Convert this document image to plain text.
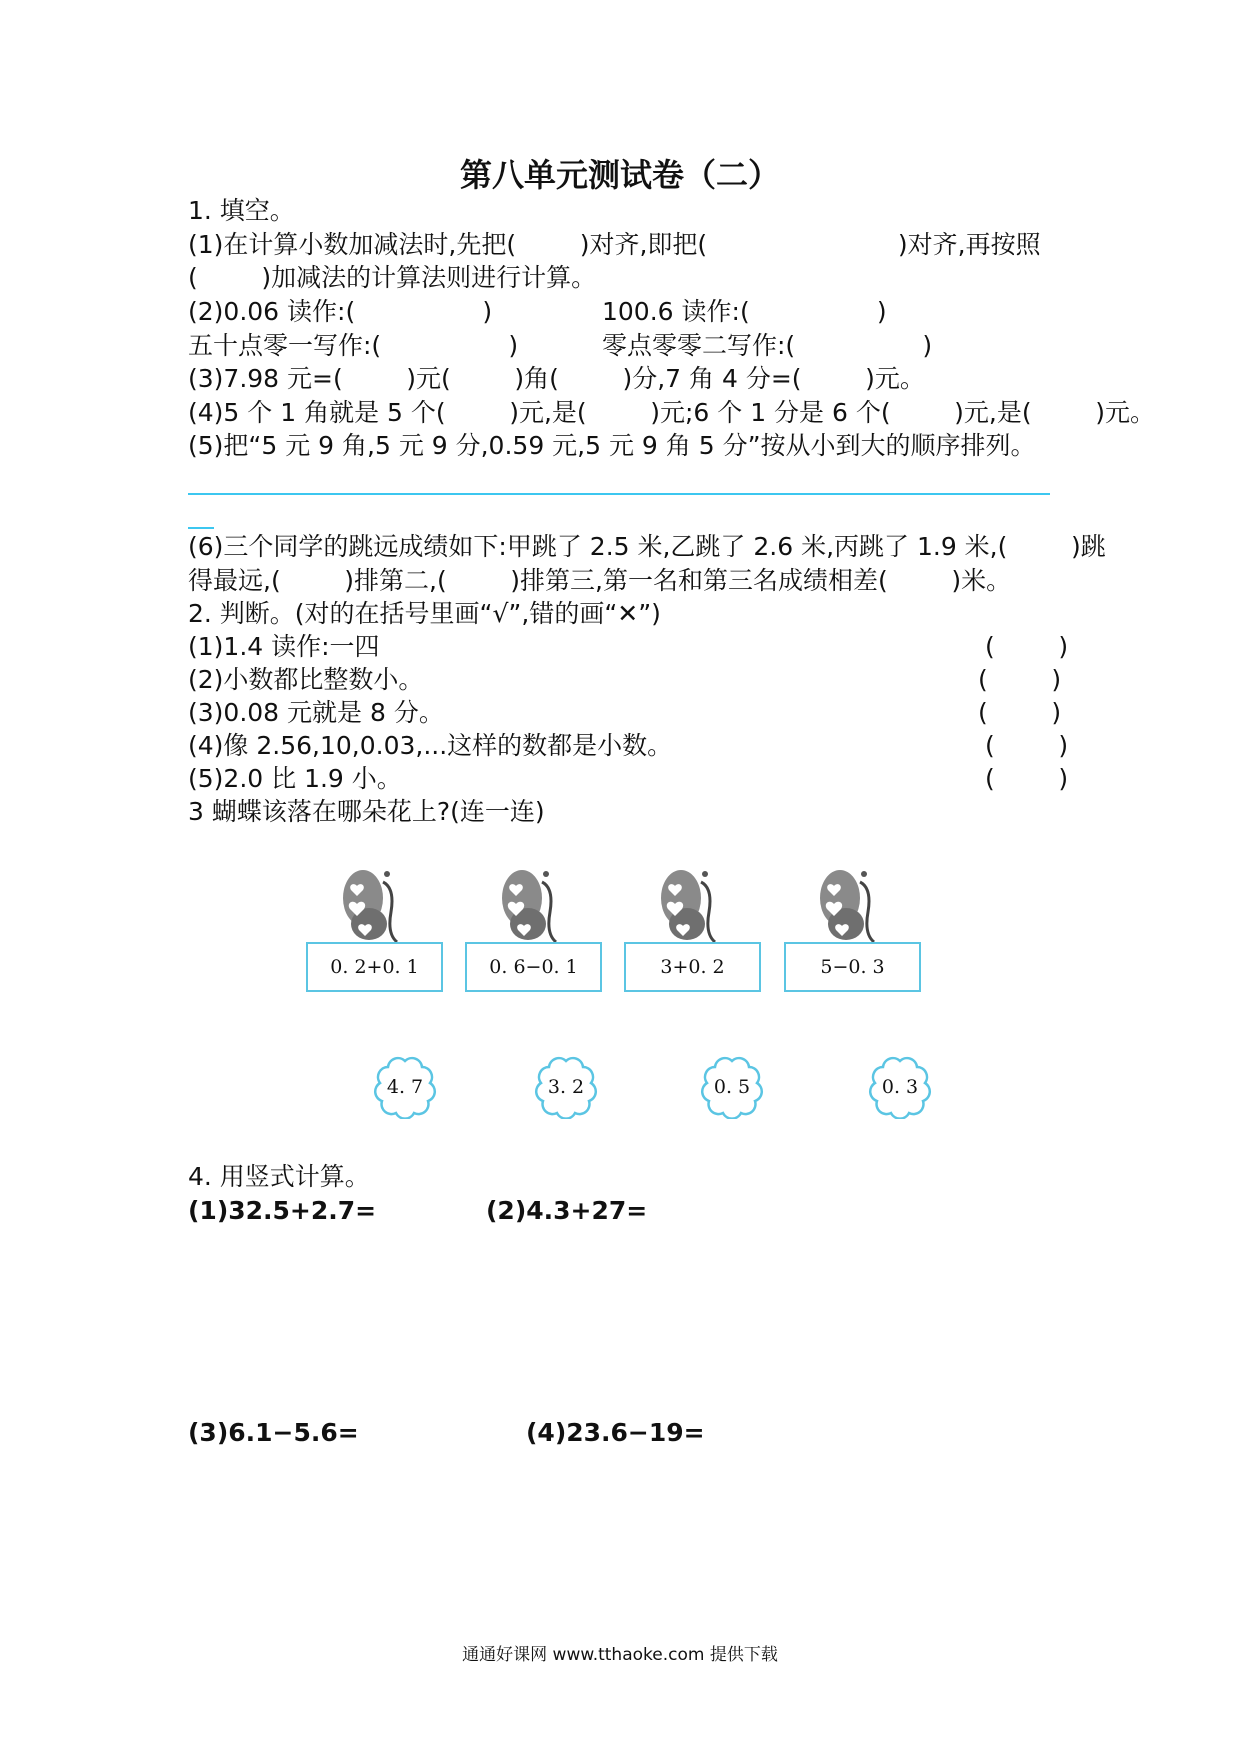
第八单元测试卷（二）
1. 填空。
(1)在计算小数加减法时,先把(        )对齐,即把(                        )对齐,再按照
(        )加减法的计算法则进行计算。
(2)0.06 读作:(                )	100.6 读作:(                )
五十点零一写作:(                )	零点零零二写作:(                )
(3)7.98 元=(        )元(        )角(        )分,7 角 4 分=(        )元。
(4)5 个 1 角就是 5 个(        )元,是(        )元;6 个 1 分是 6 个(        )元,是(        )元。
(5)把“5 元 9 角,5 元 9 分,0.59 元,5 元 9 角 5 分”按从小到大的顺序排列。
(6)三个同学的跳远成绩如下:甲跳了 2.5 米,乙跳了 2.6 米,丙跳了 1.9 米,(        )跳
得最远,(        )排第二,(        )排第三,第一名和第三名成绩相差(        )米。
2. 判断。(对的在括号里画“√”,错的画“✕”)
(1)1.4 读作:一四	(        )
(2)小数都比整数小。	(        )
(3)0.08 元就是 8 分。	(        )
(4)像 2.56,10,0.03,...这样的数都是小数。	(        )
(5)2.0 比 1.9 小。	(        )
3 蝴蝶该落在哪朵花上?(连一连)
0. 2+0. 1	0. 6−0. 1	3+0. 2	5−0. 3
4. 7	3. 2	0. 5	0. 3
4. 用竖式计算。
(1)32.5+2.7=	(2)4.3+27=
(3)6.1−5.6=	(4)23.6−19=
通通好课网 www.tthaoke.com 提供下载
